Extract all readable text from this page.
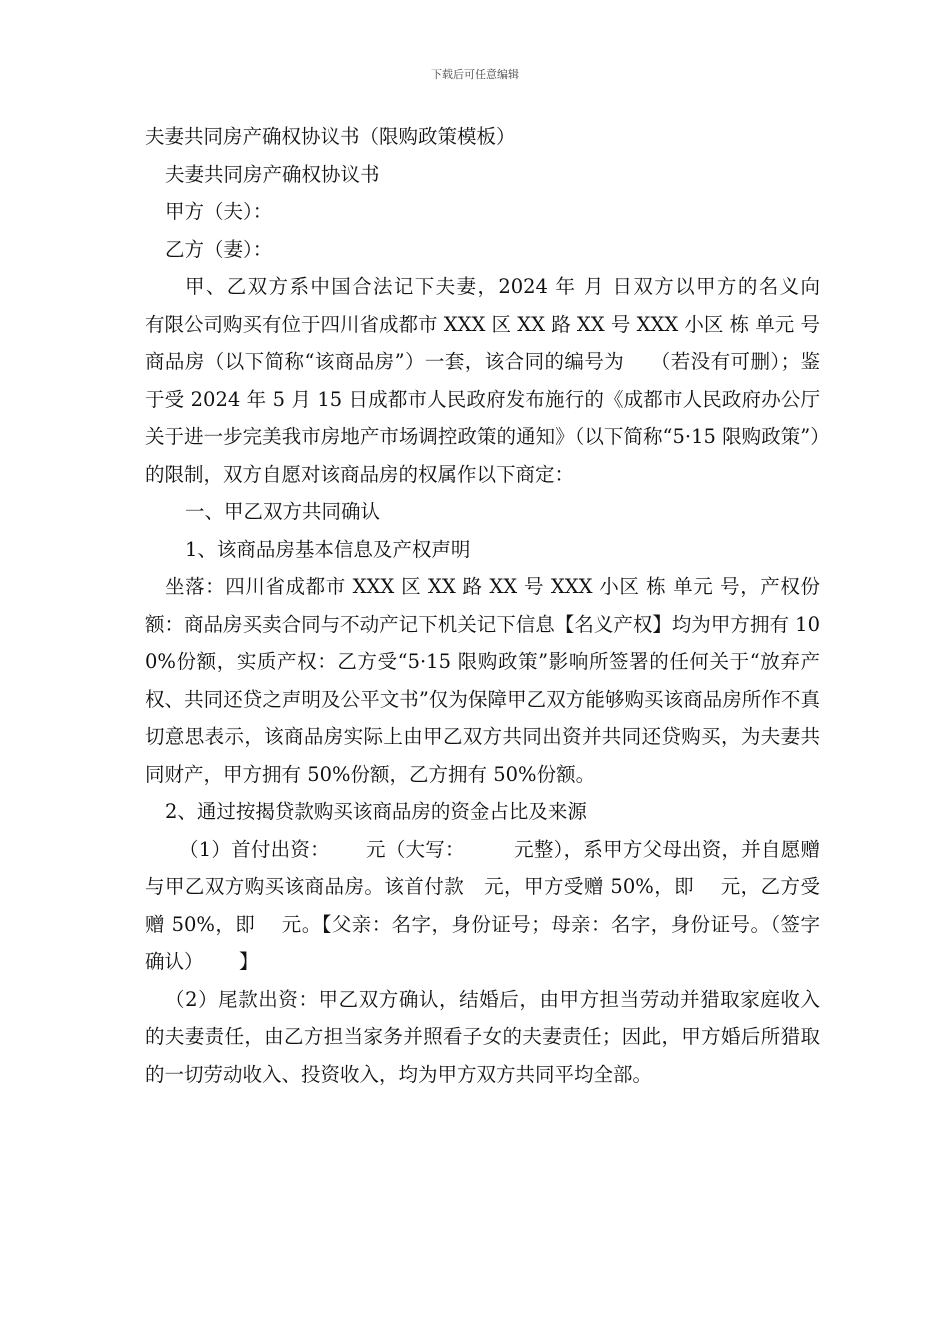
下载后可任意编辑

夫妻共同房产确权协议书（限购政策模板）

夫妻共同房产确权协议书

甲方（夫）：

乙方（妻）：

甲、乙双方系中国合法记下夫妻，2024 年 月 日双方以甲方的名义向　　 有限公司购买有位于四川省成都市 XXX 区 XX 路 XX 号 XXX 小区 栋 单元 号商品房（以下简称“该商品房”）一套，该合同的编号为　 （若没有可删）；鉴于受 2024 年 5 月 15 日成都市人民政府发布施行的《成都市人民政府办公厅关于进一步完美我市房地产市场调控政策的通知》（以下简称“5·15 限购政策”）的限制，双方自愿对该商品房的权属作以下商定：

一、甲乙双方共同确认

1、该商品房基本信息及产权声明

坐落：四川省成都市 XXX 区 XX 路 XX 号 XXX 小区 栋 单元 号，产权份额：商品房买卖合同与不动产记下机关记下信息【名义产权】均为甲方拥有 100%份额，实质产权：乙方受“5·15 限购政策”影响所签署的任何关于“放弃产权、共同还贷之声明及公平文书”仅为保障甲乙双方能够购买该商品房所作不真切意思表示，该商品房实际上由甲乙双方共同出资并共同还贷购买，为夫妻共同财产，甲方拥有 50%份额，乙方拥有 50%份额。

2、通过按揭贷款购买该商品房的资金占比及来源

（1）首付出资：　　 元（大写：　　　元整），系甲方父母出资，并自愿赠与甲乙双方购买该商品房。该首付款　元，甲方受赠 50%，即　 元，乙方受赠 50%，即　 元。【父亲：名字，身份证号；母亲：名字，身份证号。（签字确认）　　 】

（2）尾款出资：甲乙双方确认，结婚后，由甲方担当劳动并猎取家庭收入的夫妻责任，由乙方担当家务并照看子女的夫妻责任；因此，甲方婚后所猎取的一切劳动收入、投资收入，均为甲方双方共同平均全部。
